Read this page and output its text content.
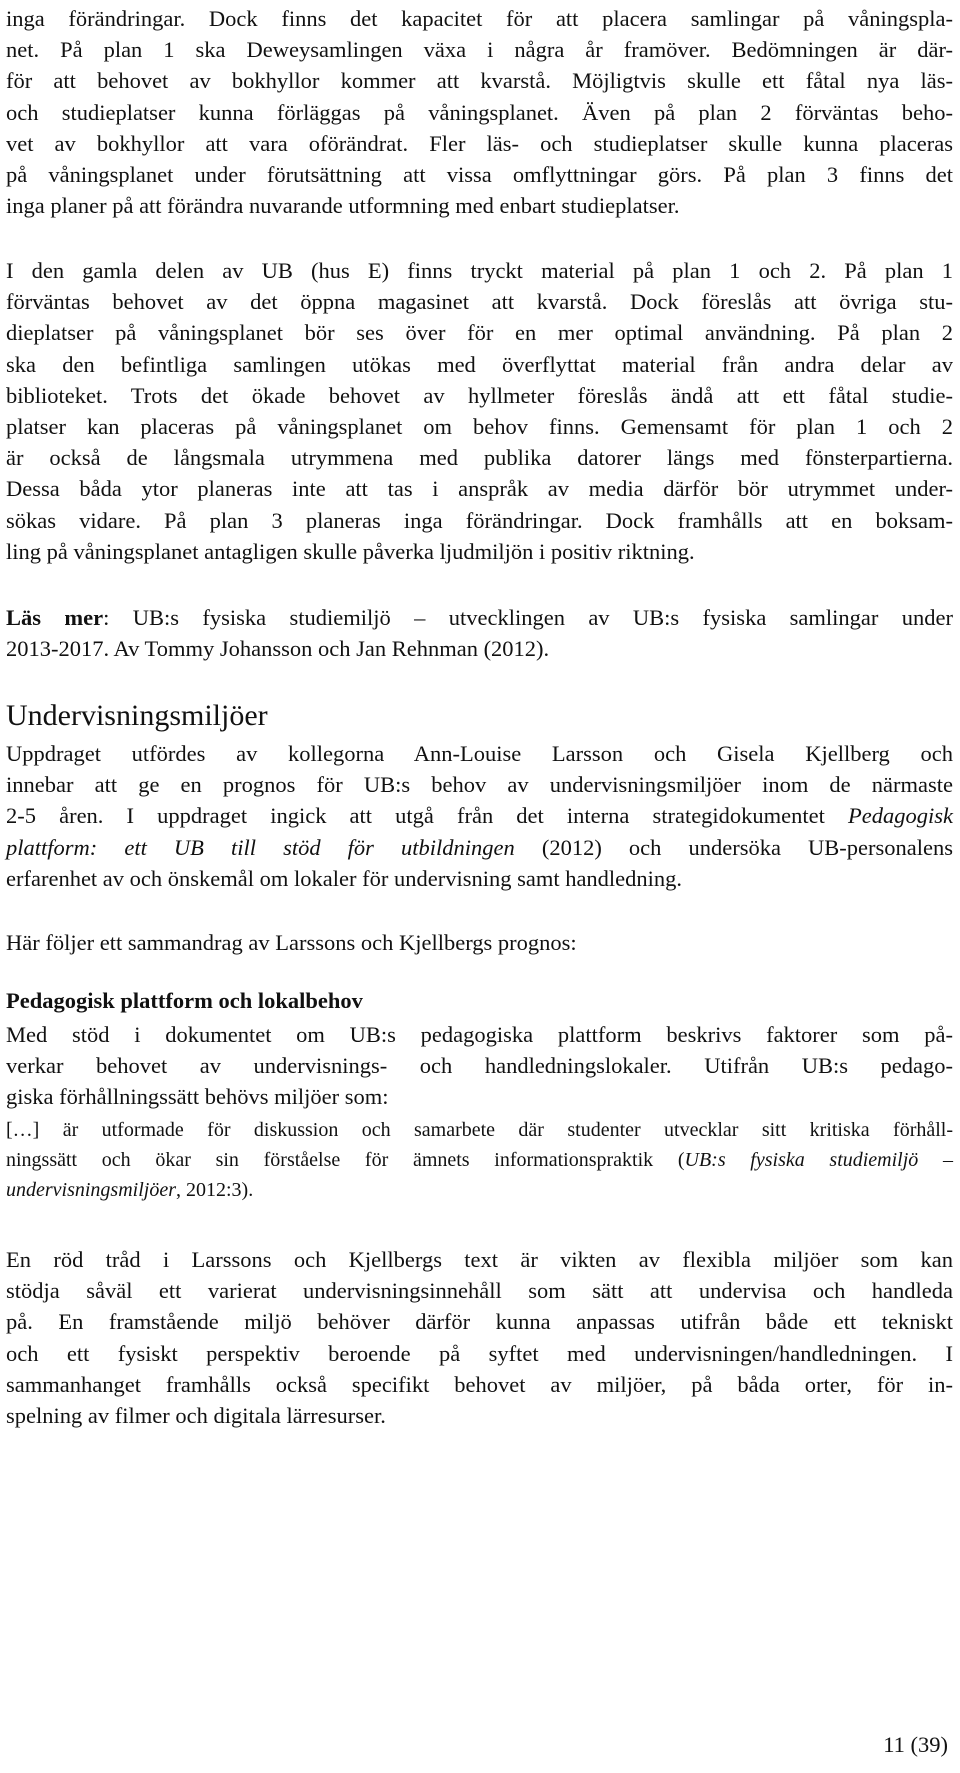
inga förändringar. Dock finns det kapacitet för att placera samlingar på våningspla-
net. På plan 1 ska Deweysamlingen växa i några år framöver. Bedömningen är där-
för att behovet av bokhyllor kommer att kvarstå. Möjligtvis skulle ett fåtal nya läs-
och studieplatser kunna förläggas på våningsplanet. Även på plan 2 förväntas beho-
vet av bokhyllor att vara oförändrat. Fler läs- och studieplatser skulle kunna placeras
på våningsplanet under förutsättning att vissa omflyttningar görs. På plan 3 finns det
inga planer på att förändra nuvarande utformning med enbart studieplatser.
I den gamla delen av UB (hus E) finns tryckt material på plan 1 och 2. På plan 1
förväntas behovet av det öppna magasinet att kvarstå. Dock föreslås att övriga stu-
dieplatser på våningsplanet bör ses över för en mer optimal användning. På plan 2
ska den befintliga samlingen utökas med överflyttat material från andra delar av
biblioteket. Trots det ökade behovet av hyllmeter föreslås ändå att ett fåtal studie-
platser kan placeras på våningsplanet om behov finns. Gemensamt för plan 1 och 2
är också de långsmala utrymmena med publika datorer längs med fönsterpartierna.
Dessa båda ytor planeras inte att tas i anspråk av media därför bör utrymmet under-
sökas vidare. På plan 3 planeras inga förändringar. Dock framhålls att en boksam-
ling på våningsplanet antagligen skulle påverka ljudmiljön i positiv riktning.
Läs mer: UB:s fysiska studiemiljö – utvecklingen av UB:s fysiska samlingar under
2013-2017. Av Tommy Johansson och Jan Rehnman (2012).
Undervisningsmiljöer
Uppdraget utfördes av kollegorna Ann-Louise Larsson och Gisela Kjellberg och
innebar att ge en prognos för UB:s behov av undervisningsmiljöer inom de närmaste
2-5 åren. I uppdraget ingick att utgå från det interna strategidokumentet Pedagogisk
plattform: ett UB till stöd för utbildningen (2012) och undersöka UB-personalens
erfarenhet av och önskemål om lokaler för undervisning samt handledning.
Här följer ett sammandrag av Larssons och Kjellbergs prognos:
Pedagogisk plattform och lokalbehov
Med stöd i dokumentet om UB:s pedagogiska plattform beskrivs faktorer som på-
verkar behovet av undervisnings- och handledningslokaler. Utifrån UB:s pedago-
giska förhållningssätt behövs miljöer som:
[…] är utformade för diskussion och samarbete där studenter utvecklar sitt kritiska förhåll-
ningssätt och ökar sin förståelse för ämnets informationspraktik (UB:s fysiska studiemiljö –
undervisningsmiljöer, 2012:3).
En röd tråd i Larssons och Kjellbergs text är vikten av flexibla miljöer som kan
stödja såväl ett varierat undervisningsinnehåll som sätt att undervisa och handleda
på. En framstående miljö behöver därför kunna anpassas utifrån både ett tekniskt
och ett fysiskt perspektiv beroende på syftet med undervisningen/handledningen. I
sammanhanget framhålls också specifikt behovet av miljöer, på båda orter, för in-
spelning av filmer och digitala lärresurser.
11 (39)
